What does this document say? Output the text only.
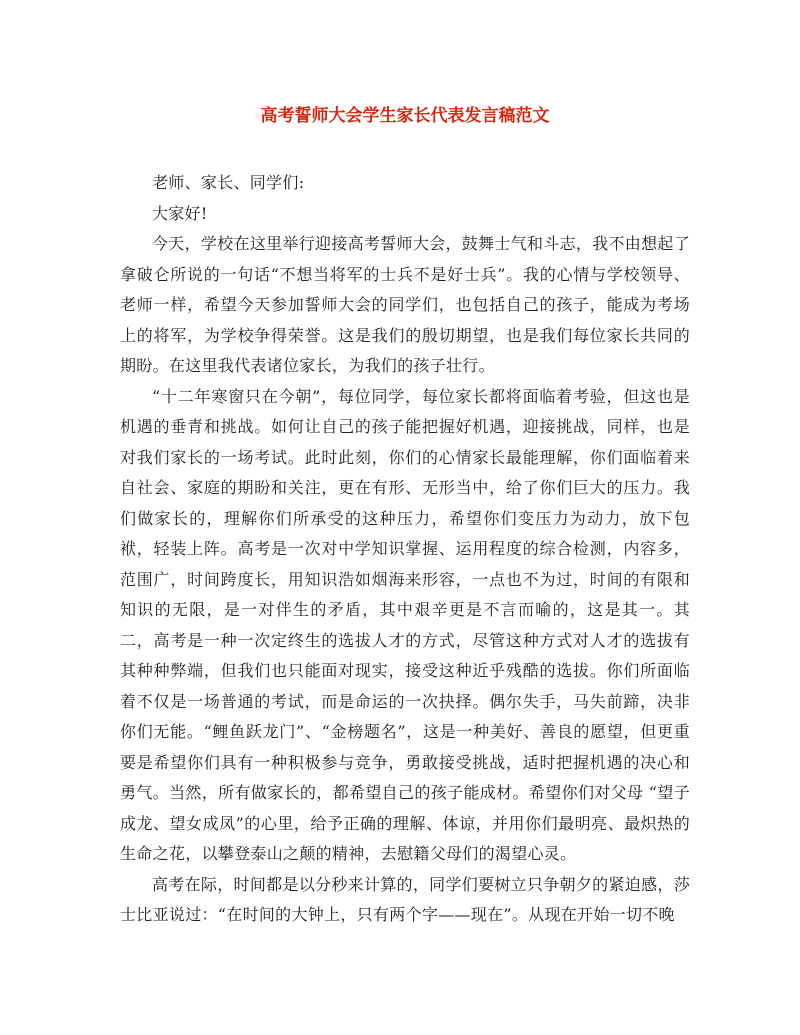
高考誓师大会学生家长代表发言稿范文

老师、家长、同学们:

大家好!

今天，学校在这里举行迎接高考誓师大会，鼓舞士气和斗志，我不由想起了拿破仑所说的一句话“不想当将军的士兵不是好士兵”。我的心情与学校领导、老师一样，希望今天参加誓师大会的同学们，也包括自己的孩子，能成为考场上的将军，为学校争得荣誉。这是我们的殷切期望，也是我们每位家长共同的期盼。在这里我代表诸位家长，为我们的孩子壮行。

“十二年寒窗只在今朝”，每位同学，每位家长都将面临着考验，但这也是机遇的垂青和挑战。如何让自己的孩子能把握好机遇，迎接挑战，同样，也是对我们家长的一场考试。此时此刻，你们的心情家长最能理解，你们面临着来自社会、家庭的期盼和关注，更在有形、无形当中，给了你们巨大的压力。我们做家长的，理解你们所承受的这种压力，希望你们变压力为动力，放下包袱，轻装上阵。高考是一次对中学知识掌握、运用程度的综合检测，内容多，范围广，时间跨度长，用知识浩如烟海来形容，一点也不为过，时间的有限和知识的无限，是一对伴生的矛盾，其中艰辛更是不言而喻的，这是其一。其二，高考是一种一次定终生的选拔人才的方式，尽管这种方式对人才的选拔有其种种弊端，但我们也只能面对现实，接受这种近乎残酷的选拔。你们所面临着不仅是一场普通的考试，而是命运的一次抉择。偶尔失手，马失前蹄，决非你们无能。“鲤鱼跃龙门”、“金榜题名”，这是一种美好、善良的愿望，但更重要是希望你们具有一种积极参与竞争，勇敢接受挑战，适时把握机遇的决心和勇气。当然，所有做家长的，都希望自己的孩子能成材。希望你们对父母 “望子成龙、望女成凤”的心里，给予正确的理解、体谅，并用你们最明亮、最炽热的生命之花，以攀登泰山之颠的精神，去慰籍父母们的渴望心灵。

高考在际，时间都是以分秒来计算的，同学们要树立只争朝夕的紧迫感，莎士比亚说过：“在时间的大钟上，只有两个字——现在”。从现在开始一切不晚
